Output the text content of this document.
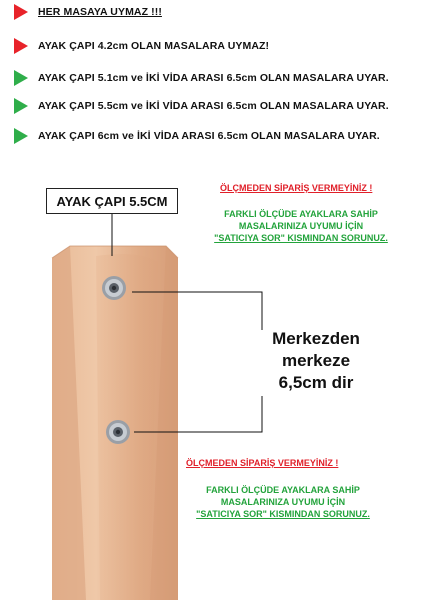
HER MASAYA UYMAZ !!!
AYAK ÇAPI 4.2cm OLAN MASALARA UYMAZ!
AYAK ÇAPI 5.1cm ve İKİ VİDA ARASI 6.5cm OLAN MASALARA UYAR.
AYAK ÇAPI 5.5cm ve İKİ VİDA ARASI 6.5cm OLAN MASALARA UYAR.
AYAK ÇAPI 6cm ve İKİ VİDA ARASI 6.5cm OLAN MASALARA UYAR.
AYAK ÇAPI 5.5CM
ÖLÇMEDEN SİPARİŞ VERMEYİNİZ !
FARKLI ÖLÇÜDE AYAKLARA SAHİP
MASALARINIZA UYUMU İÇİN
"SATICIYA SOR" KISMINDAN SORUNUZ.
Merkezden
merkeze
6,5cm dir
ÖLÇMEDEN SİPARİŞ VERMEYİNİZ !
FARKLI ÖLÇÜDE AYAKLARA SAHİP
MASALARINIZA UYUMU İÇİN
"SATICIYA SOR" KISMINDAN SORUNUZ.
